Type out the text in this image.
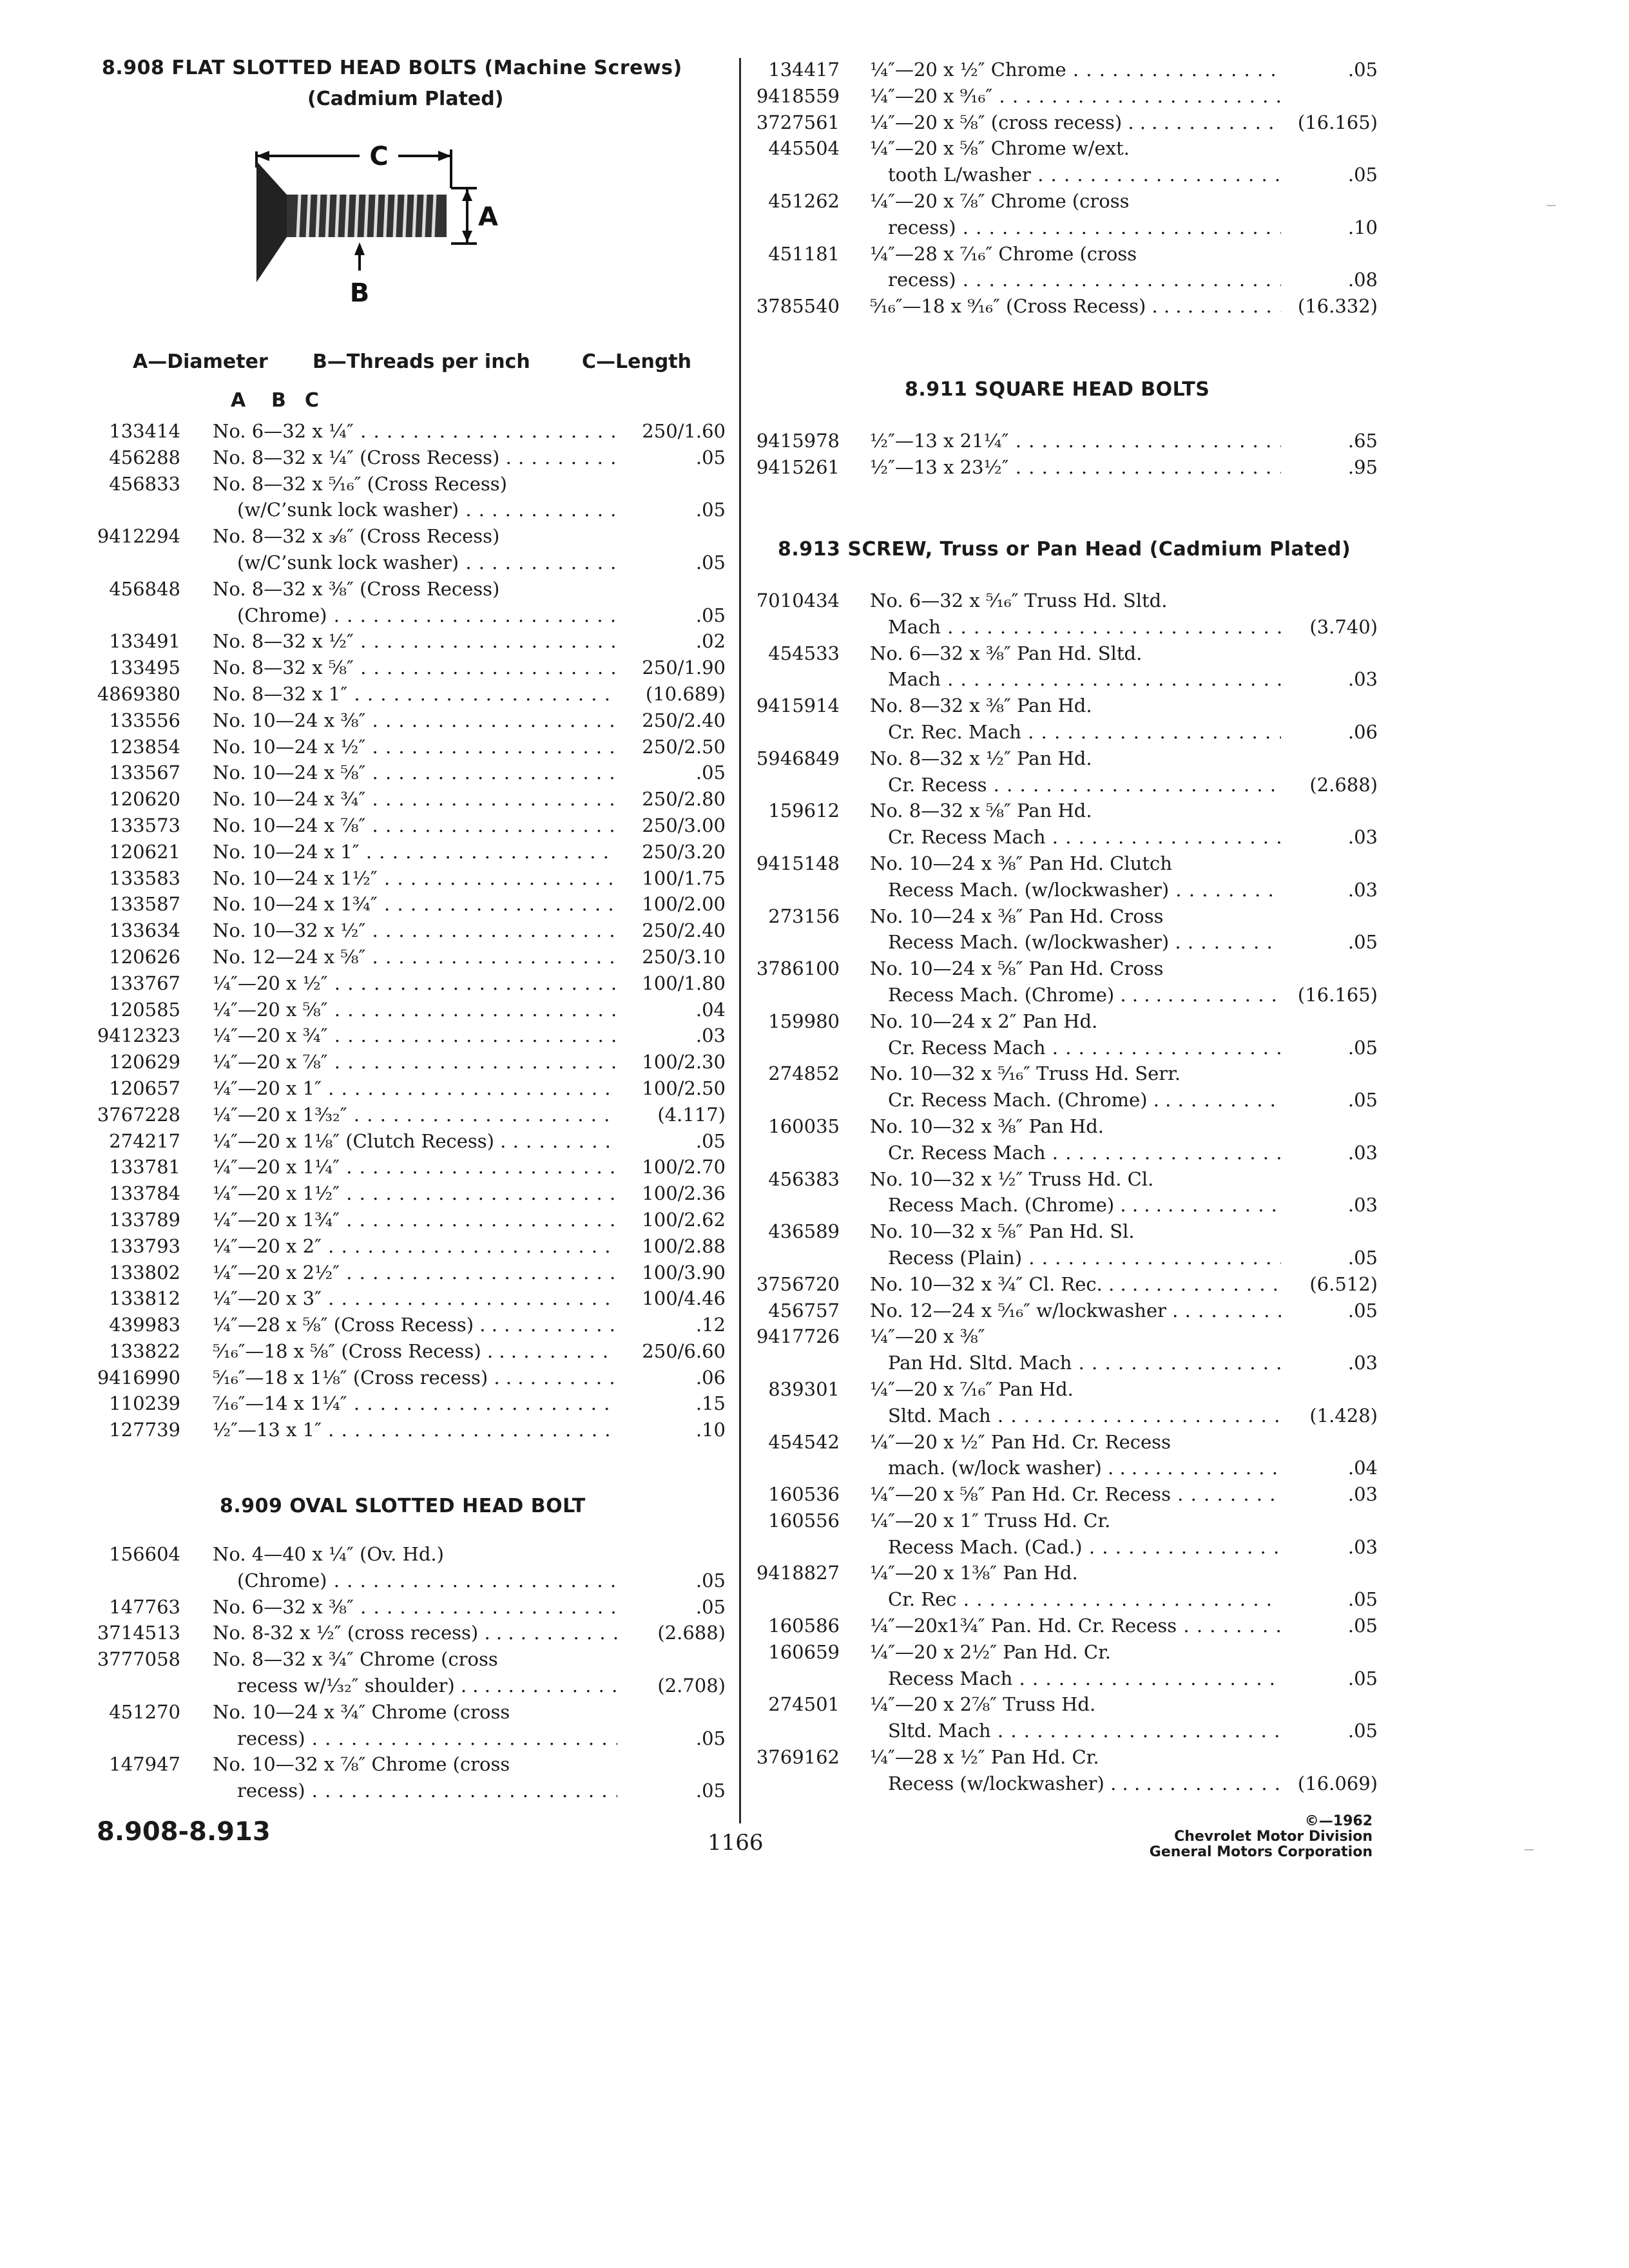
8.908 FLAT SLOTTED HEAD BOLTS (Machine Screws)
(Cadmium Plated)
C
A
B
A—Diameter B—Threads per inch	C—Length
A B C
133414 No. 6—32 x ¼″ . . .	250/1.60
456288 No. 8—32 x ¼″ (Cross Recess) . . . .	.05
456833 No. 8—32 x ⁵⁄₁₆″ (Cross Recess)
(w/C’sunk lock washer) . . .	.05
9412294 No. 8—32 x ₃⁄₈″ (Cross Recess)
(w/C’sunk lock washer) . . .	.05
456848 No. 8—32 x ⅜″ (Cross Recess)
(Chrome) . . .	.05
133491 No. 8—32 x ½″ . . .	.02
133495 No. 8—32 x ⅝″ . . .	250/1.90
4869380 No. 8—32 x 1″ . . .	(10.689)
133556 No. 10—24 x ⅜″ . . .	250/2.40
123854 No. 10—24 x ½″ . . .	250/2.50
133567 No. 10—24 x ⅝″ . . .	.05
120620 No. 10—24 x ¾″ . . .	250/2.80
133573 No. 10—24 x ⅞″ . . .	250/3.00
120621 No. 10—24 x 1″ . . .	250/3.20
133583 No. 10—24 x 1½″ . . .	100/1.75
133587 No. 10—24 x 1¾″ . . .	100/2.00
133634 No. 10—32 x ½″ . . .	250/2.40
120626 No. 12—24 x ⅝″ . . .	250/3.10
133767 ¼″—20 x ½″ . . .	100/1.80
120585 ¼″—20 x ⅝″ . . .	.04
9412323 ¼″—20 x ¾″ . . .	.03
120629 ¼″—20 x ⅞″ . . .	100/2.30
120657 ¼″—20 x 1″ . . .	100/2.50
3767228 ¼″—20 x 1³⁄₃₂″ . . .	(4.117)
274217 ¼″—20 x 1⅛″ (Clutch Recess) . . . .	.05
133781 ¼″—20 x 1¼″ . . .	100/2.70
133784 ¼″—20 x 1½″ . . .	100/2.36
133789 ¼″—20 x 1¾″ . . .	100/2.62
133793 ¼″—20 x 2″ . . .	100/2.88
133802 ¼″—20 x 2½″ . . .	100/3.90
133812 ¼″—20 x 3″ . . .	100/4.46
439983 ¼″—28 x ⅝″ (Cross Recess) . . . . .	.12
133822 ⁵⁄₁₆″—18 x ⅝″ (Cross Recess) . . . . . .	250/6.60
9416990 ⁵⁄₁₆″—18 x 1⅛″ (Cross recess) . . . . . .	.06
110239 ⁷⁄₁₆″—14 x 1¼″ . . .	.15
127739 ½″—13 x 1″ . . .	.10
8.909 OVAL SLOTTED HEAD BOLT
156604 No. 4—40 x ¼″ (Ov. Hd.)
(Chrome) . . .	.05
147763 No. 6—32 x ⅜″ . . .	.05
3714513 No. 8-32 x ½″ (cross recess) . . . . . .	(2.688)
3777058 No. 8—32 x ¾″ Chrome (cross
recess w/¹⁄₃₂″ shoulder) . . . . . . . . .	(2.708)
451270 No. 10—24 x ¾″ Chrome (cross
recess) . . .	.05
147947 No. 10—32 x ⅞″ Chrome (cross
recess) . . .	.05
134417 ¼″—20 x ½″ Chrome . . .	.05
9418559 ¼″—20 x ⁹⁄₁₆″ . . .
3727561 ¼″—20 x ⅝″ (cross recess) . . . . . . .	(16.165)
445504 ¼″—20 x ⅝″ Chrome w/ext.
tooth L/washer . . .	.05
451262 ¼″—20 x ⅞″ Chrome (cross
recess) . . .	.10
451181 ¼″—28 x ⁷⁄₁₆″ Chrome (cross
recess) . . .	.08
3785540 ⁵⁄₁₆″—18 x ⁹⁄₁₆″ (Cross Recess) . . . . . . .	(16.332)
8.911 SQUARE HEAD BOLTS
9415978 ½″—13 x 21¼″ . . .	.65
9415261 ½″—13 x 23½″ . . .	.95
8.913 SCREW, Truss or Pan Head (Cadmium Plated)
7010434 No. 6—32 x ⁵⁄₁₆″ Truss Hd. Sltd.
Mach . . .	(3.740)
454533 No. 6—32 x ⅜″ Pan Hd. Sltd.
Mach . . .	.03
9415914 No. 8—32 x ⅜″ Pan Hd.
Cr. Rec. Mach . . .	.06
5946849 No. 8—32 x ½″ Pan Hd.
Cr. Recess . . .	(2.688)
159612 No. 8—32 x ⅝″ Pan Hd.
Cr. Recess Mach . . .	.03
9415148 No. 10—24 x ⅜″ Pan Hd. Clutch
Recess Mach. (w/lockwasher) . . .	.03
273156 No. 10—24 x ⅜″ Pan Hd. Cross
Recess Mach. (w/lockwasher) . . . .	.05
3786100 No. 10—24 x ⅝″ Pan Hd. Cross
Recess Mach. (Chrome) . . . . . . . . .	(16.165)
159980 No. 10—24 x 2″ Pan Hd.
Cr. Recess Mach . . .	.05
274852 No. 10—32 x ⁵⁄₁₆″ Truss Hd. Serr.
Cr. Recess Mach. (Chrome) . . . . .	.05
160035 No. 10—32 x ⅜″ Pan Hd.
Cr. Recess Mach . . .	.03
456383 No. 10—32 x ½″ Truss Hd. Cl.
Recess Mach. (Chrome) . . . . . . . . .	.03
436589 No. 10—32 x ⅝″ Pan Hd. Sl.
Recess (Plain) . . .	.05
3756720 No. 10—32 x ¾″ Cl. Rec. . . . . . . . . .	(6.512)
456757 No. 12—24 x ⁵⁄₁₆″ w/lockwasher . . . .	.05
9417726 ¼″—20 x ⅜″
Pan Hd. Sltd. Mach . . .	.03
839301 ¼″—20 x ⁷⁄₁₆″ Pan Hd.
Sltd. Mach . . .	(1.428)
454542 ¼″—20 x ½″ Pan Hd. Cr. Recess
mach. (w/lock washer) . . . . . . . . .	.04
160536 ¼″—20 x ⅝″ Pan Hd. Cr. Recess . . .	.03
160556 ¼″—20 x 1″ Truss Hd. Cr.
Recess Mach. (Cad.) . . .	.03
9418827 ¼″—20 x 1⅜″ Pan Hd.
Cr. Rec . . .	.05
160586 ¼″—20x1¾″ Pan. Hd. Cr. Recess . . .	.05
160659 ¼″—20 x 2½″ Pan Hd. Cr.
Recess Mach . . .	.05
274501 ¼″—20 x 2⅞″ Truss Hd.
Sltd. Mach . . .	.05
3769162 ¼″—28 x ½″ Pan Hd. Cr.
Recess (w/lockwasher) . . . . . . . . .	(16.069)
8.908-8.913	1166
©—1962
Chevrolet Motor Division
General Motors Corporation
